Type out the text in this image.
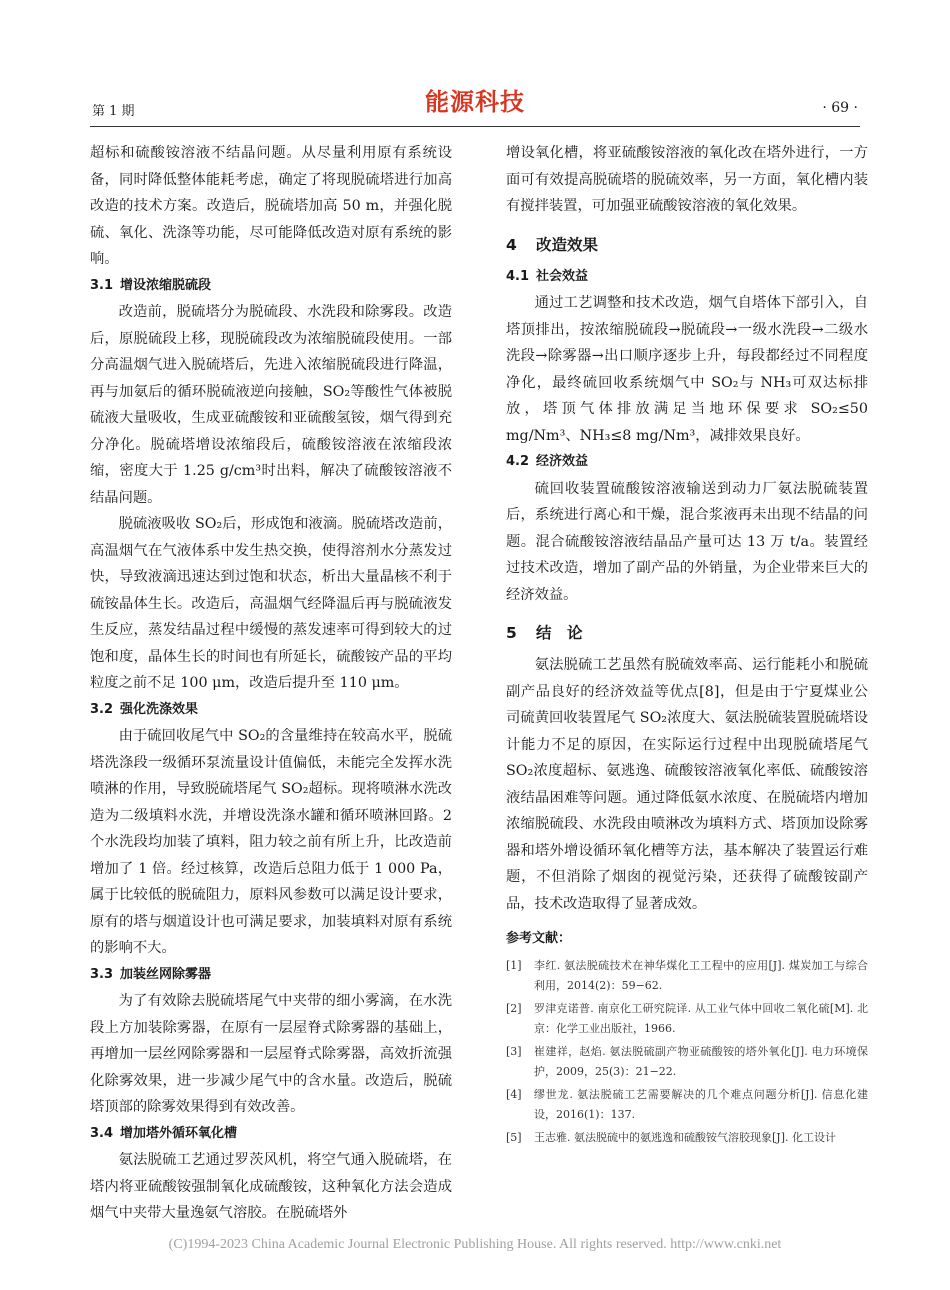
第 1 期	能源科技	· 69 ·

超标和硫酸铵溶液不结晶问题。从尽量利用原有系统设备，同时降低整体能耗考虑，确定了将现脱硫塔进行加高改造的技术方案。改造后，脱硫塔加高 50 m，并强化脱硫、氧化、洗涤等功能，尽可能降低改造对原有系统的影响。

3.1 增设浓缩脱硫段

改造前，脱硫塔分为脱硫段、水洗段和除雾段。改造后，原脱硫段上移，现脱硫段改为浓缩脱硫段使用。一部分高温烟气进入脱硫塔后，先进入浓缩脱硫段进行降温，再与加氨后的循环脱硫液逆向接触，SO₂等酸性气体被脱硫液大量吸收，生成亚硫酸铵和亚硫酸氢铵，烟气得到充分净化。脱硫塔增设浓缩段后，硫酸铵溶液在浓缩段浓缩，密度大于 1.25 g/cm³时出料，解决了硫酸铵溶液不结晶问题。

脱硫液吸收 SO₂后，形成饱和液滴。脱硫塔改造前，高温烟气在气液体系中发生热交换，使得溶剂水分蒸发过快，导致液滴迅速达到过饱和状态，析出大量晶核不利于硫铵晶体生长。改造后，高温烟气经降温后再与脱硫液发生反应，蒸发结晶过程中缓慢的蒸发速率可得到较大的过饱和度，晶体生长的时间也有所延长，硫酸铵产品的平均粒度之前不足 100 μm，改造后提升至 110 μm。

3.2 强化洗涤效果

由于硫回收尾气中 SO₂的含量维持在较高水平，脱硫塔洗涤段一级循环泵流量设计值偏低，未能完全发挥水洗喷淋的作用，导致脱硫塔尾气 SO₂超标。现将喷淋水洗改造为二级填料水洗，并增设洗涤水罐和循环喷淋回路。2 个水洗段均加装了填料，阻力较之前有所上升，比改造前增加了 1 倍。经过核算，改造后总阻力低于 1 000 Pa，属于比较低的脱硫阻力，原料风参数可以满足设计要求，原有的塔与烟道设计也可满足要求，加装填料对原有系统的影响不大。

3.3 加装丝网除雾器

为了有效除去脱硫塔尾气中夹带的细小雾滴，在水洗段上方加装除雾器，在原有一层屋脊式除雾器的基础上，再增加一层丝网除雾器和一层屋脊式除雾器，高效折流强化除雾效果，进一步减少尾气中的含水量。改造后，脱硫塔顶部的除雾效果得到有效改善。

3.4 增加塔外循环氧化槽

氨法脱硫工艺通过罗茨风机，将空气通入脱硫塔，在塔内将亚硫酸铵强制氧化成硫酸铵，这种氧化方法会造成烟气中夹带大量逸氨气溶胶。在脱硫塔外

增设氧化槽，将亚硫酸铵溶液的氧化改在塔外进行，一方面可有效提高脱硫塔的脱硫效率，另一方面，氧化槽内装有搅拌装置，可加强亚硫酸铵溶液的氧化效果。

4 改造效果
4.1 社会效益

通过工艺调整和技术改造，烟气自塔体下部引入，自塔顶排出，按浓缩脱硫段→脱硫段→一级水洗段→二级水洗段→除雾器→出口顺序逐步上升，每段都经过不同程度净化，最终硫回收系统烟气中 SO₂与 NH₃可双达标排放，塔顶气体排放满足当地环保要求 SO₂≤50 mg/Nm³、NH₃≤8 mg/Nm³，减排效果良好。

4.2 经济效益

硫回收装置硫酸铵溶液输送到动力厂氨法脱硫装置后，系统进行离心和干燥，混合浆液再未出现不结晶的问题。混合硫酸铵溶液结晶品产量可达 13 万 t/a。装置经过技术改造，增加了副产品的外销量，为企业带来巨大的经济效益。

5 结　论

氨法脱硫工艺虽然有脱硫效率高、运行能耗小和脱硫副产品良好的经济效益等优点[8]，但是由于宁夏煤业公司硫黄回收装置尾气 SO₂浓度大、氨法脱硫装置脱硫塔设计能力不足的原因，在实际运行过程中出现脱硫塔尾气 SO₂浓度超标、氨逃逸、硫酸铵溶液氧化率低、硫酸铵溶液结晶困难等问题。通过降低氨水浓度、在脱硫塔内增加浓缩脱硫段、水洗段由喷淋改为填料方式、塔顶加设除雾器和塔外增设循环氧化槽等方法，基本解决了装置运行难题，不但消除了烟囱的视觉污染，还获得了硫酸铵副产品，技术改造取得了显著成效。

参考文献：
[1]	李红. 氨法脱硫技术在神华煤化工工程中的应用[J]. 煤炭加工与综合利用，2014(2)：59−62.
[2]	罗津克诺普. 南京化工研究院译. 从工业气体中回收二氧化硫[M]. 北京：化学工业出版社，1966.
[3]	崔建祥，赵焰. 氨法脱硫副产物亚硫酸铵的塔外氧化[J]. 电力环境保护，2009，25(3)：21−22.
[4]	缪世龙. 氨法脱硫工艺需要解决的几个难点问题分析[J]. 信息化建设，2016(1)：137.
[5]	王志雅. 氨法脱硫中的氨逃逸和硫酸铵气溶胶现象[J]. 化工设计
(C)1994-2023 China Academic Journal Electronic Publishing House. All rights reserved. http://www.cnki.net
